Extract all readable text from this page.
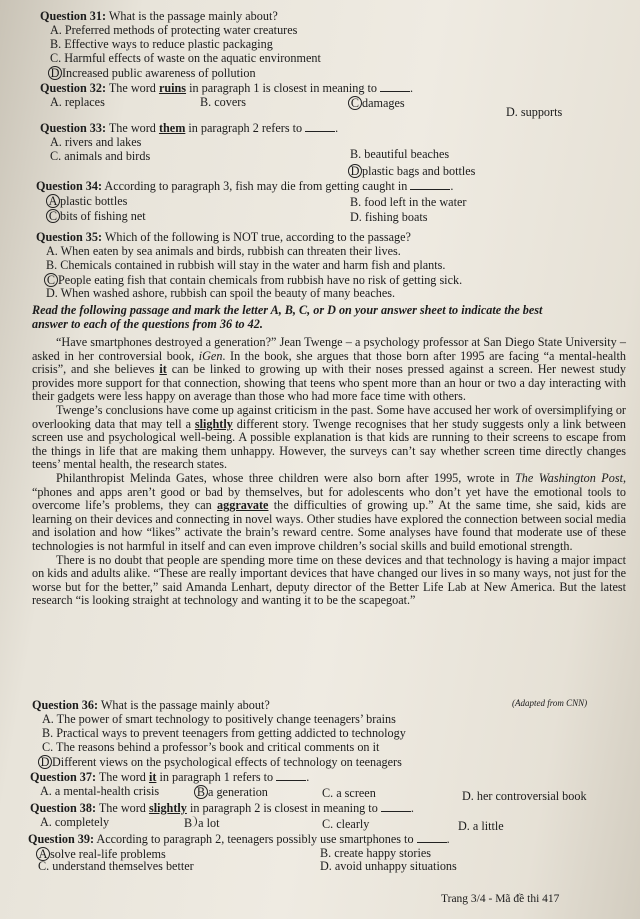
Question 31: What is the passage mainly about?
A. Preferred methods of protecting water creatures
B. Effective ways to reduce plastic packaging
C. Harmful effects of waste on the aquatic environment
D Increased public awareness of pollution
Question 32: The word ruins in paragraph 1 is closest in meaning to	.
A. replaces	B. covers	C damages
D. supports
Question 33: The word them in paragraph 2 refers to	.
A. rivers and lakes
B. beautiful beaches
C. animals and birds
D plastic bags and bottles
Question 34: According to paragraph 3, fish may die from getting caught in	.
A plastic bottles	B. food left in the water
C bits of fishing net	D. fishing boats
Question 35: Which of the following is NOT true, according to the passage?
A. When eaten by sea animals and birds, rubbish can threaten their lives.
B. Chemicals contained in rubbish will stay in the water and harm fish and plants.
C People eating fish that contain chemicals from rubbish have no risk of getting sick.
D. When washed ashore, rubbish can spoil the beauty of many beaches.
Read the following passage and mark the letter A, B, C, or D on your answer sheet to indicate the best
answer to each of the questions from 36 to 42.

“Have smartphones destroyed a generation?” Jean Twenge – a psychology professor at San Diego State University – asked in her controversial book, iGen. In the book, she argues that those born after 1995 are facing “a mental-health crisis”, and she believes it can be linked to growing up with their noses pressed against a screen. Her newest study provides more support for that connection, showing that teens who spent more than an hour or two a day interacting with their gadgets were less happy on average than those who had more face time with others.

Twenge’s conclusions have come up against criticism in the past. Some have accused her work of oversimplifying or overlooking data that may tell a slightly different story. Twenge recognises that her study suggests only a link between screen use and psychological well-being. A possible explanation is that kids are running to their screens to escape from the things in life that are making them unhappy. However, the surveys can’t say whether screen time directly changes teens’ mental health, the research states.

Philanthropist Melinda Gates, whose three children were also born after 1995, wrote in The Washington Post, “phones and apps aren’t good or bad by themselves, but for adolescents who don’t yet have the emotional tools to overcome life’s problems, they can aggravate the difficulties of growing up.” At the same time, she said, kids are learning on their devices and connecting in novel ways. Other studies have explored the connection between social media and isolation and how “likes” activate the brain’s reward centre. Some analyses have found that moderate use of these technologies is not harmful in itself and can even improve children’s social skills and build emotional strength.

There is no doubt that people are spending more time on these devices and that technology is having a major impact on kids and adults alike. “These are really important devices that have changed our lives in so many ways, not just for the worse but for the better,” said Amanda Lenhart, deputy director of the Better Life Lab at New America. But the latest research “is looking straight at technology and wanting it to be the scapegoat.”

(Adapted from CNN)
Question 36: What is the passage mainly about?
A. The power of smart technology to positively change teenagers’ brains
B. Practical ways to prevent teenagers from getting addicted to technology
C. The reasons behind a professor’s book and critical comments on it
D Different views on the psychological effects of technology on teenagers
Question 37: The word it in paragraph 1 refers to	.
A. a mental-health crisis	B a generation	C. a screen	D. her controversial book
Question 38: The word slightly in paragraph 2 is closest in meaning to	.
A. completely	B a lot	C. clearly	D. a little
Question 39: According to paragraph 2, teenagers possibly use smartphones to	.
A solve real-life problems	B. create happy stories
C. understand themselves better	D. avoid unhappy situations
Trang 3/4 - Mã đề thi 417
